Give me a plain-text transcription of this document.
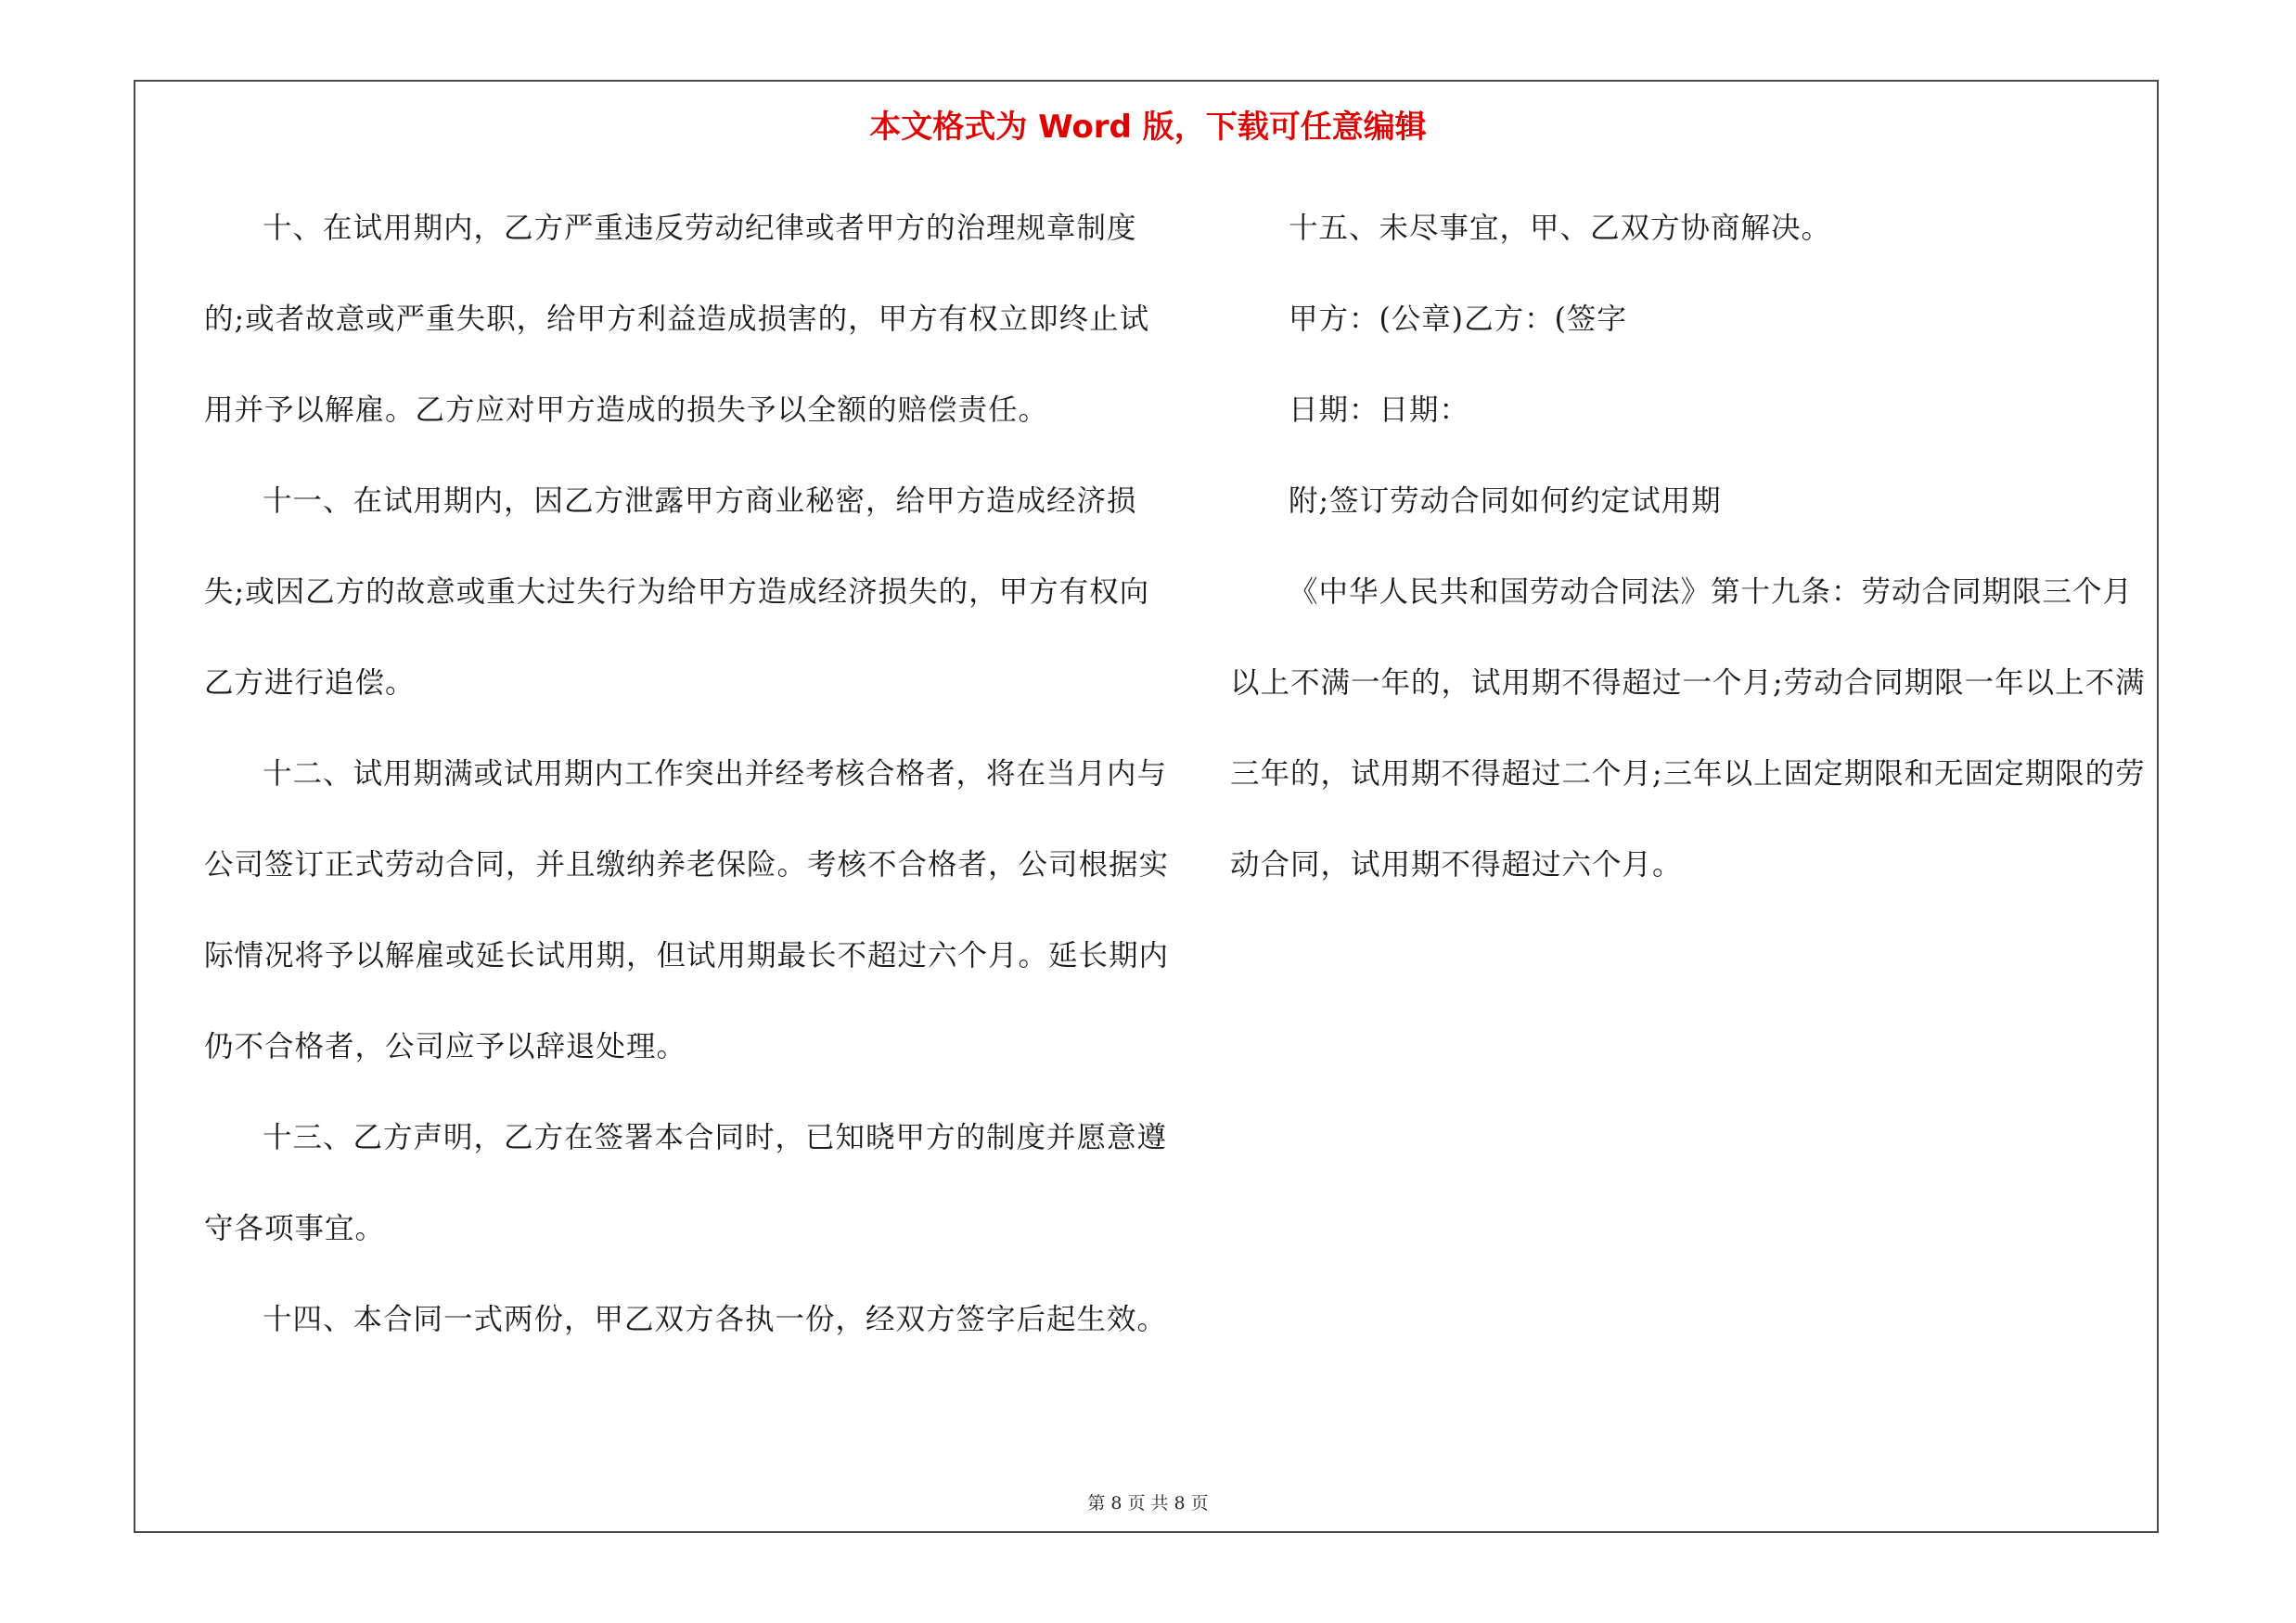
本文格式为 Word 版，下载可任意编辑

十、在试用期内，乙方严重违反劳动纪律或者甲方的治理规章制度的;或者故意或严重失职，给甲方利益造成损害的，甲方有权立即终止试用并予以解雇。乙方应对甲方造成的损失予以全额的赔偿责任。

十一、在试用期内，因乙方泄露甲方商业秘密，给甲方造成经济损失;或因乙方的故意或重大过失行为给甲方造成经济损失的，甲方有权向乙方进行追偿。

十二、试用期满或试用期内工作突出并经考核合格者，将在当月内与公司签订正式劳动合同，并且缴纳养老保险。考核不合格者，公司根据实际情况将予以解雇或延长试用期，但试用期最长不超过六个月。延长期内仍不合格者，公司应予以辞退处理。

十三、乙方声明，乙方在签署本合同时，已知晓甲方的制度并愿意遵守各项事宜。

十四、本合同一式两份，甲乙双方各执一份，经双方签字后起生效。

十五、未尽事宜，甲、乙双方协商解决。

甲方：(公章)乙方：(签字

日期：日期：

附;签订劳动合同如何约定试用期

《中华人民共和国劳动合同法》第十九条：劳动合同期限三个月以上不满一年的，试用期不得超过一个月;劳动合同期限一年以上不满三年的，试用期不得超过二个月;三年以上固定期限和无固定期限的劳动合同，试用期不得超过六个月。

第 8 页 共 8 页
